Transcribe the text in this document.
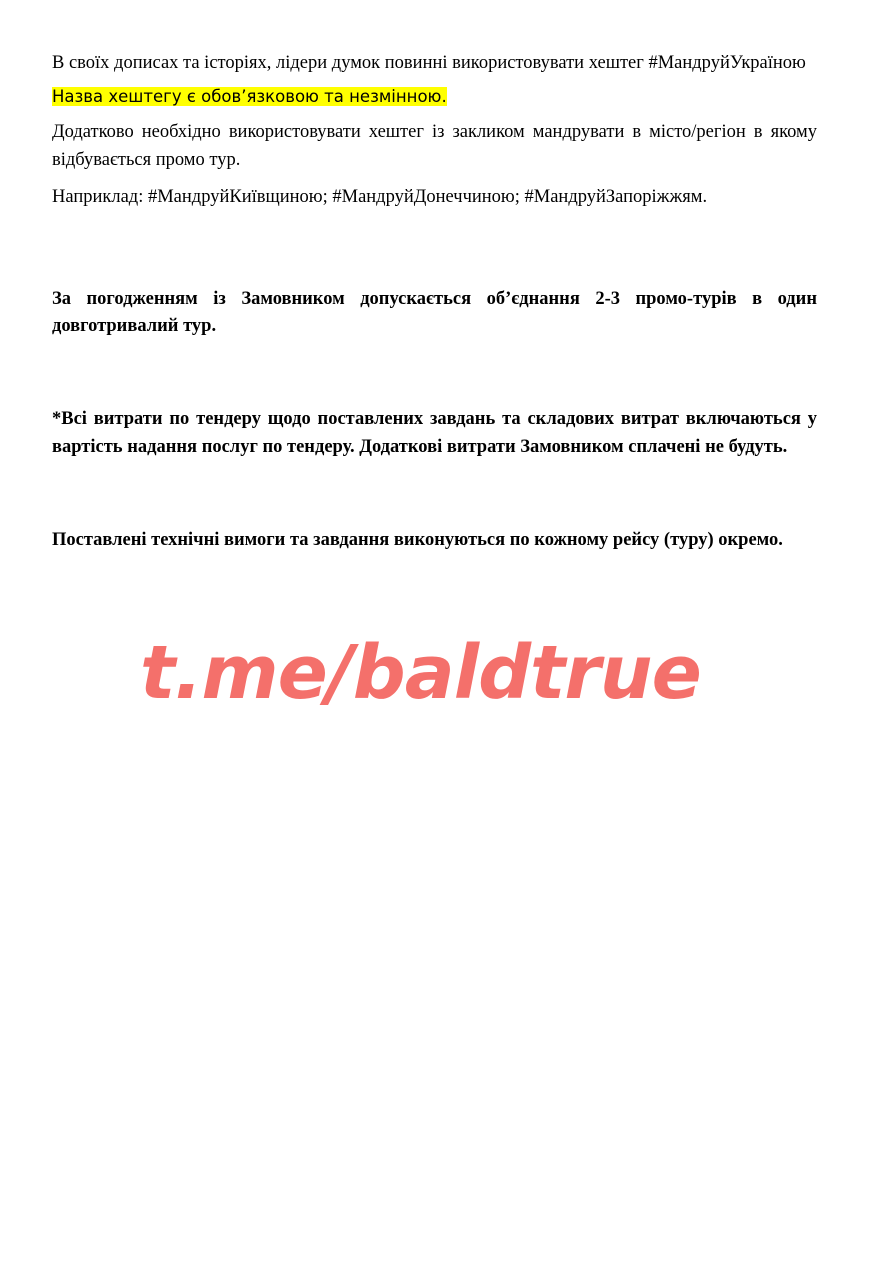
В своїх дописах та історіях, лідери думок повинні використовувати хештег #МандруйУкраїною

Назва хештегу є обов’язковою та незмінною.

Додатково необхідно використовувати хештег із закликом мандрувати в місто/регіон в якому відбувається промо тур.

Наприклад: #МандруйКиївщиною; #МандруйДонеччиною; #МандруйЗапоріжжям.

За погодженням із Замовником допускається об’єднання 2-3 промо-турів в один довготривалий тур.

*Всі витрати по тендеру щодо поставлених завдань та складових витрат включаються у вартість надання послуг по тендеру. Додаткові витрати Замовником сплачені не будуть.

Поставлені технічні вимоги та завдання виконуються по кожному рейсу (туру) окремо.

t.me/baldtrue
